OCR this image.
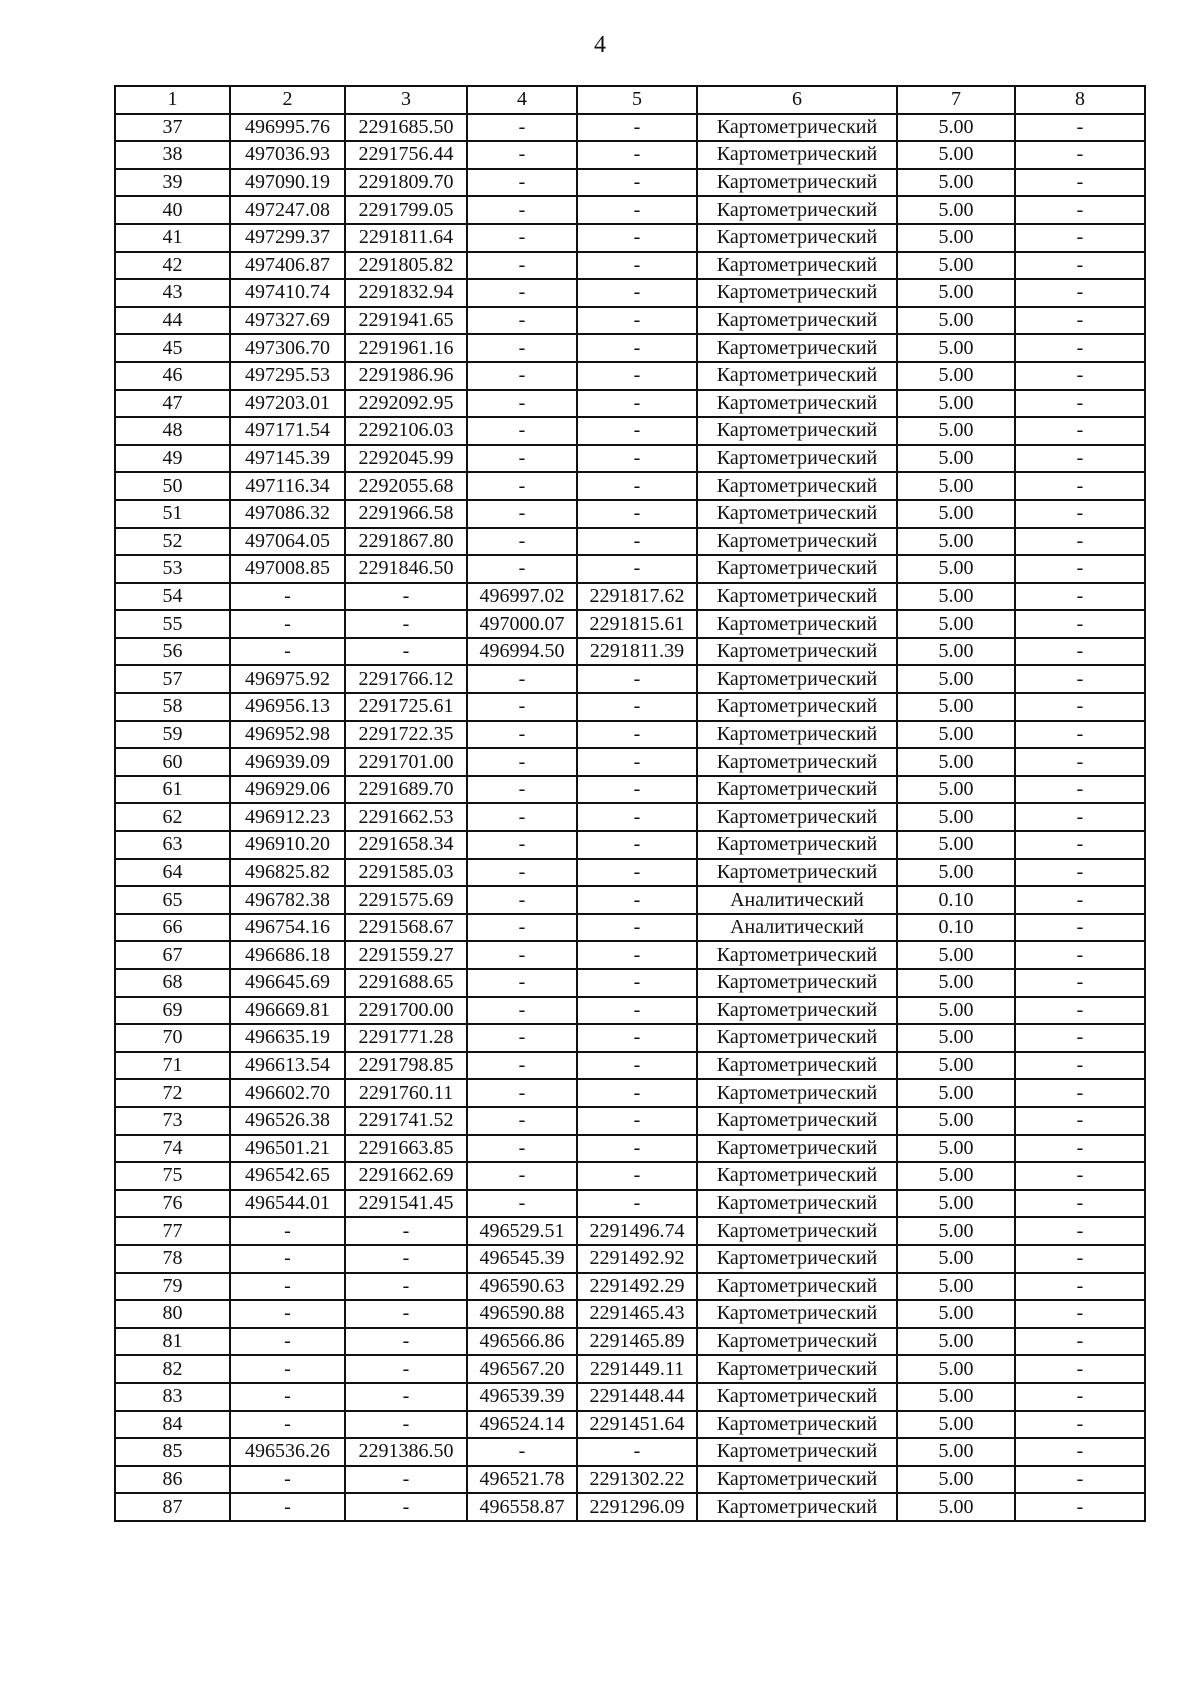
4
1	2	3	4	5	6	7	8
37	496995.76	2291685.50	-	-	Картометрический	5.00	-
38	497036.93	2291756.44	-	-	Картометрический	5.00	-
39	497090.19	2291809.70	-	-	Картометрический	5.00	-
40	497247.08	2291799.05	-	-	Картометрический	5.00	-
41	497299.37	2291811.64	-	-	Картометрический	5.00	-
42	497406.87	2291805.82	-	-	Картометрический	5.00	-
43	497410.74	2291832.94	-	-	Картометрический	5.00	-
44	497327.69	2291941.65	-	-	Картометрический	5.00	-
45	497306.70	2291961.16	-	-	Картометрический	5.00	-
46	497295.53	2291986.96	-	-	Картометрический	5.00	-
47	497203.01	2292092.95	-	-	Картометрический	5.00	-
48	497171.54	2292106.03	-	-	Картометрический	5.00	-
49	497145.39	2292045.99	-	-	Картометрический	5.00	-
50	497116.34	2292055.68	-	-	Картометрический	5.00	-
51	497086.32	2291966.58	-	-	Картометрический	5.00	-
52	497064.05	2291867.80	-	-	Картометрический	5.00	-
53	497008.85	2291846.50	-	-	Картометрический	5.00	-
54	-	-	496997.02	2291817.62	Картометрический	5.00	-
55	-	-	497000.07	2291815.61	Картометрический	5.00	-
56	-	-	496994.50	2291811.39	Картометрический	5.00	-
57	496975.92	2291766.12	-	-	Картометрический	5.00	-
58	496956.13	2291725.61	-	-	Картометрический	5.00	-
59	496952.98	2291722.35	-	-	Картометрический	5.00	-
60	496939.09	2291701.00	-	-	Картометрический	5.00	-
61	496929.06	2291689.70	-	-	Картометрический	5.00	-
62	496912.23	2291662.53	-	-	Картометрический	5.00	-
63	496910.20	2291658.34	-	-	Картометрический	5.00	-
64	496825.82	2291585.03	-	-	Картометрический	5.00	-
65	496782.38	2291575.69	-	-	Аналитический	0.10	-
66	496754.16	2291568.67	-	-	Аналитический	0.10	-
67	496686.18	2291559.27	-	-	Картометрический	5.00	-
68	496645.69	2291688.65	-	-	Картометрический	5.00	-
69	496669.81	2291700.00	-	-	Картометрический	5.00	-
70	496635.19	2291771.28	-	-	Картометрический	5.00	-
71	496613.54	2291798.85	-	-	Картометрический	5.00	-
72	496602.70	2291760.11	-	-	Картометрический	5.00	-
73	496526.38	2291741.52	-	-	Картометрический	5.00	-
74	496501.21	2291663.85	-	-	Картометрический	5.00	-
75	496542.65	2291662.69	-	-	Картометрический	5.00	-
76	496544.01	2291541.45	-	-	Картометрический	5.00	-
77	-	-	496529.51	2291496.74	Картометрический	5.00	-
78	-	-	496545.39	2291492.92	Картометрический	5.00	-
79	-	-	496590.63	2291492.29	Картометрический	5.00	-
80	-	-	496590.88	2291465.43	Картометрический	5.00	-
81	-	-	496566.86	2291465.89	Картометрический	5.00	-
82	-	-	496567.20	2291449.11	Картометрический	5.00	-
83	-	-	496539.39	2291448.44	Картометрический	5.00	-
84	-	-	496524.14	2291451.64	Картометрический	5.00	-
85	496536.26	2291386.50	-	-	Картометрический	5.00	-
86	-	-	496521.78	2291302.22	Картометрический	5.00	-
87	-	-	496558.87	2291296.09	Картометрический	5.00	-
